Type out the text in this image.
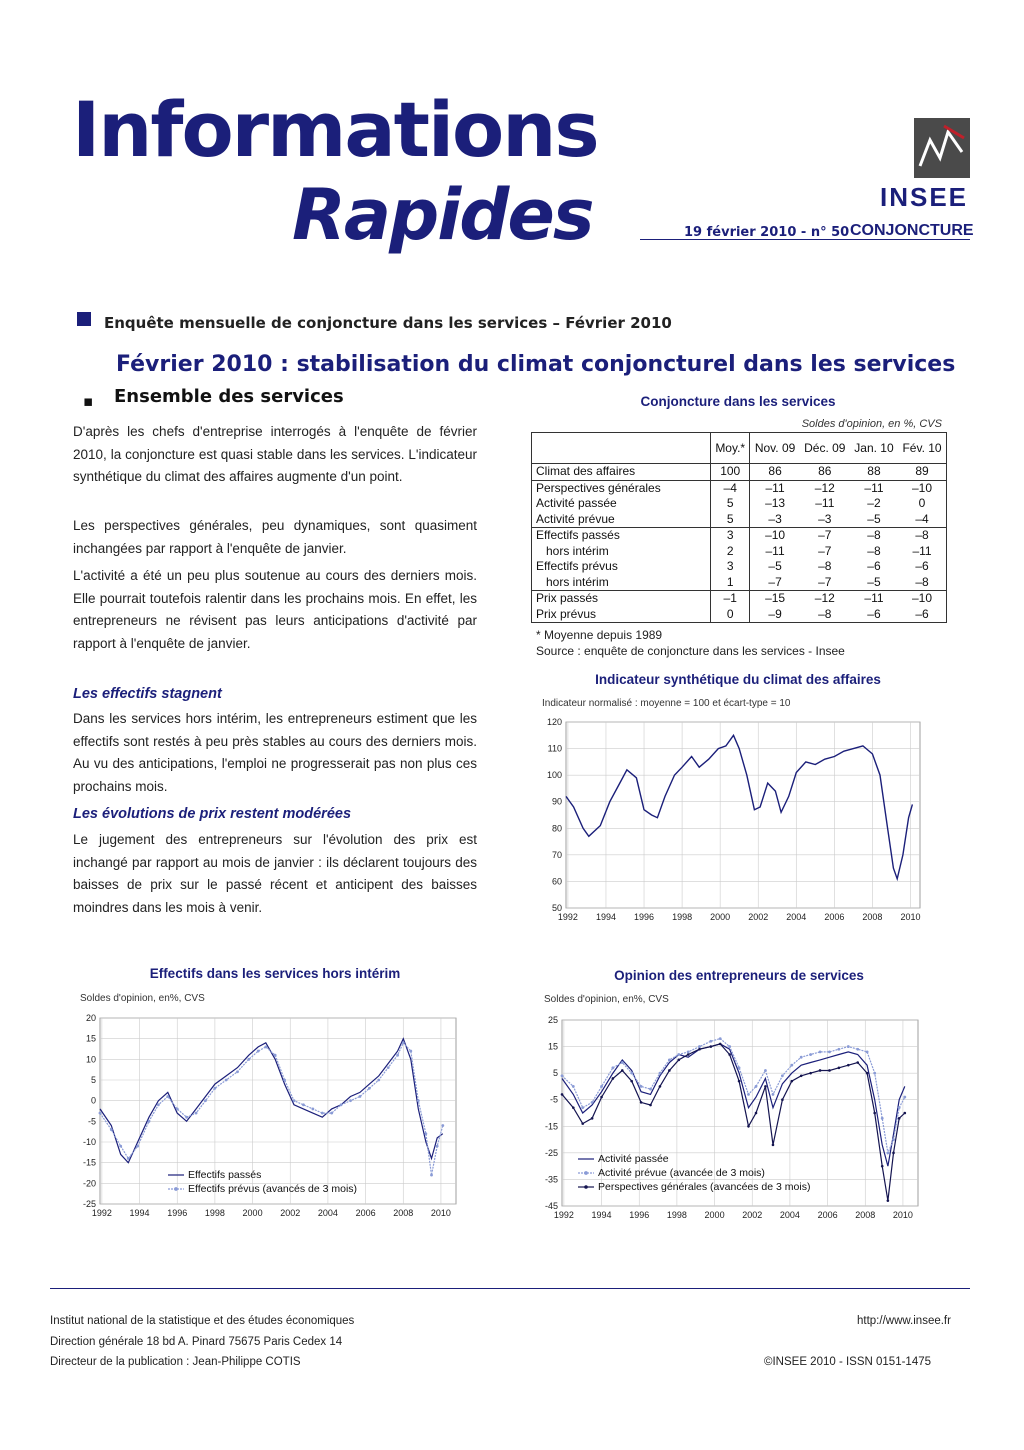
Informations
Rapides	19 février 2010 - n° 50
INSEE
CONJONCTURE
Enquête mensuelle de conjoncture dans les services – Février 2010
Février 2010 : stabilisation du climat conjoncturel dans les services
▪ Ensemble des services
D'après les chefs d'entreprise interrogés à l'enquête de février 2010, la conjoncture est quasi stable dans les services. L'indicateur synthétique du climat des affaires augmente d'un point.
Les perspectives générales, peu dynamiques, sont quasiment inchangées par rapport à l'enquête de janvier.
L'activité a été un peu plus soutenue au cours des derniers mois. Elle pourrait toutefois ralentir dans les prochains mois. En effet, les entrepreneurs ne révisent pas leurs anticipations d'activité par rapport à l'enquête de janvier.
Les effectifs stagnent
Dans les services hors intérim, les entrepreneurs estiment que les effectifs sont restés à peu près stables au cours des derniers mois. Au vu des anticipations, l'emploi ne progresserait pas non plus ces prochains mois.
Les évolutions de prix restent modérées
Le jugement des entrepreneurs sur l'évolution des prix est inchangé par rapport au mois de janvier : ils déclarent toujours des baisses de prix sur le passé récent et anticipent des baisses moindres dans les mois à venir.
Conjoncture dans les services
Soldes d'opinion, en %, CVS
	Moy.*	Nov. 09	Déc. 09	Jan. 10	Fév. 10
Climat des affaires	100	86	86	88	89
Perspectives générales	–4	–11	–12	–11	–10
Activité passée	5	–13	–11	–2	0
Activité prévue	5	–3	–3	–5	–4
Effectifs passés	3	–10	–7	–8	–8
hors intérim	2	–11	–7	–8	–11
Effectifs prévus	3	–5	–8	–6	–6
hors intérim	1	–7	–7	–5	–8
Prix passés	–1	–15	–12	–11	–10
Prix prévus	0	–9	–8	–6	–6
* Moyenne depuis 1989
Source : enquête de conjoncture dans les services - Insee
Indicateur synthétique du climat des affaires
Indicateur normalisé : moyenne = 100 et écart-type = 10
120
110
100
90
80
70
60
50
1992 1994 1996 1998 2000 2002 2004 2006 2008 2010
Effectifs dans les services hors intérim
Soldes d'opinion, en%, CVS
20
15
10
5
0
-5
-10
-15
-20
-25
1992 1994 1996 1998 2000 2002 2004 2006 2008 2010
Effectifs passés
Effectifs prévus (avancés de 3 mois)
Opinion des entrepreneurs de services
Soldes d'opinion, en%, CVS
25
15
5
-5
-15
-25
-35
-45
1992 1994 1996 1998 2000 2002 2004 2006 2008 2010
Activité passée
Activité prévue (avancée de 3 mois)
Perspectives générales (avancées de 3 mois)
Institut national de la statistique et des études économiques
Direction générale 18 bd A. Pinard 75675 Paris Cedex 14
Directeur de la publication : Jean-Philippe COTIS
http://www.insee.fr
©INSEE 2010 - ISSN 0151-1475
